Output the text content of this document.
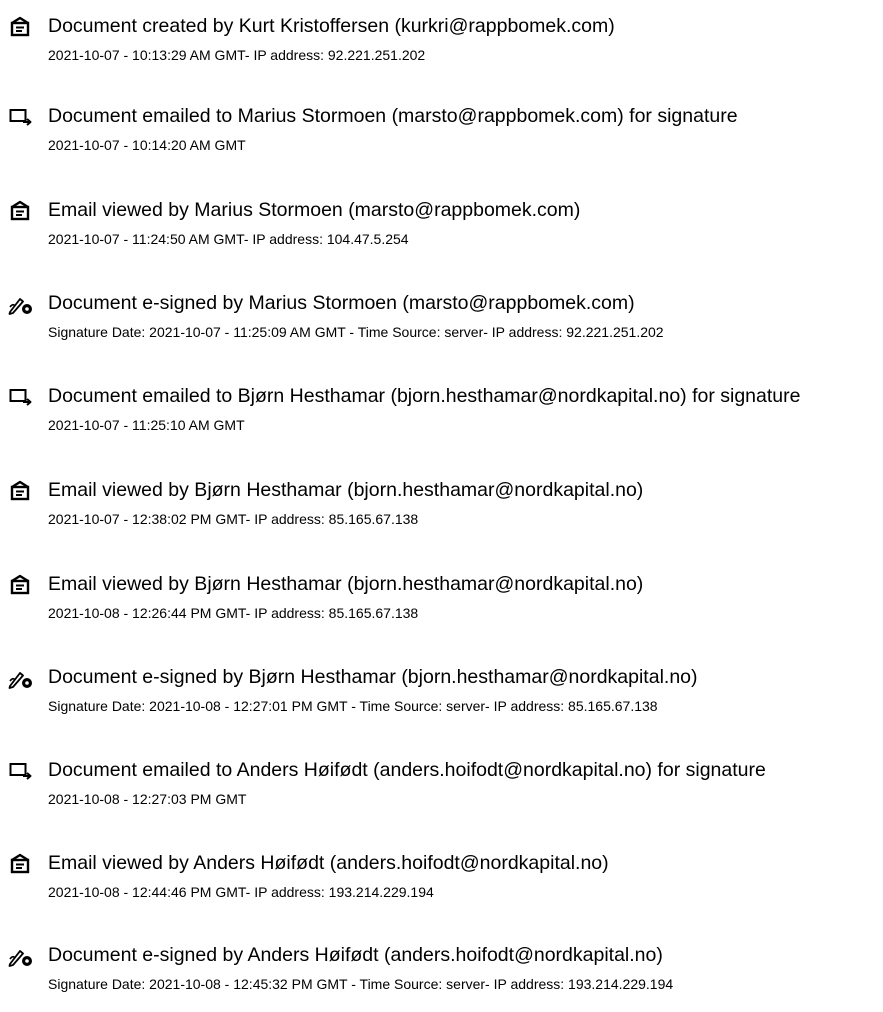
Document created by Kurt Kristoffersen (kurkri@rappbomek.com)
2021-10-07 - 10:13:29 AM GMT- IP address: 92.221.251.202
Document emailed to Marius Stormoen (marsto@rappbomek.com) for signature
2021-10-07 - 10:14:20 AM GMT
Email viewed by Marius Stormoen (marsto@rappbomek.com)
2021-10-07 - 11:24:50 AM GMT- IP address: 104.47.5.254
Document e-signed by Marius Stormoen (marsto@rappbomek.com)
Signature Date: 2021-10-07 - 11:25:09 AM GMT - Time Source: server- IP address: 92.221.251.202
Document emailed to Bjørn Hesthamar (bjorn.hesthamar@nordkapital.no) for signature
2021-10-07 - 11:25:10 AM GMT
Email viewed by Bjørn Hesthamar (bjorn.hesthamar@nordkapital.no)
2021-10-07 - 12:38:02 PM GMT- IP address: 85.165.67.138
Email viewed by Bjørn Hesthamar (bjorn.hesthamar@nordkapital.no)
2021-10-08 - 12:26:44 PM GMT- IP address: 85.165.67.138
Document e-signed by Bjørn Hesthamar (bjorn.hesthamar@nordkapital.no)
Signature Date: 2021-10-08 - 12:27:01 PM GMT - Time Source: server- IP address: 85.165.67.138
Document emailed to Anders Høifødt (anders.hoifodt@nordkapital.no) for signature
2021-10-08 - 12:27:03 PM GMT
Email viewed by Anders Høifødt (anders.hoifodt@nordkapital.no)
2021-10-08 - 12:44:46 PM GMT- IP address: 193.214.229.194
Document e-signed by Anders Høifødt (anders.hoifodt@nordkapital.no)
Signature Date: 2021-10-08 - 12:45:32 PM GMT - Time Source: server- IP address: 193.214.229.194
